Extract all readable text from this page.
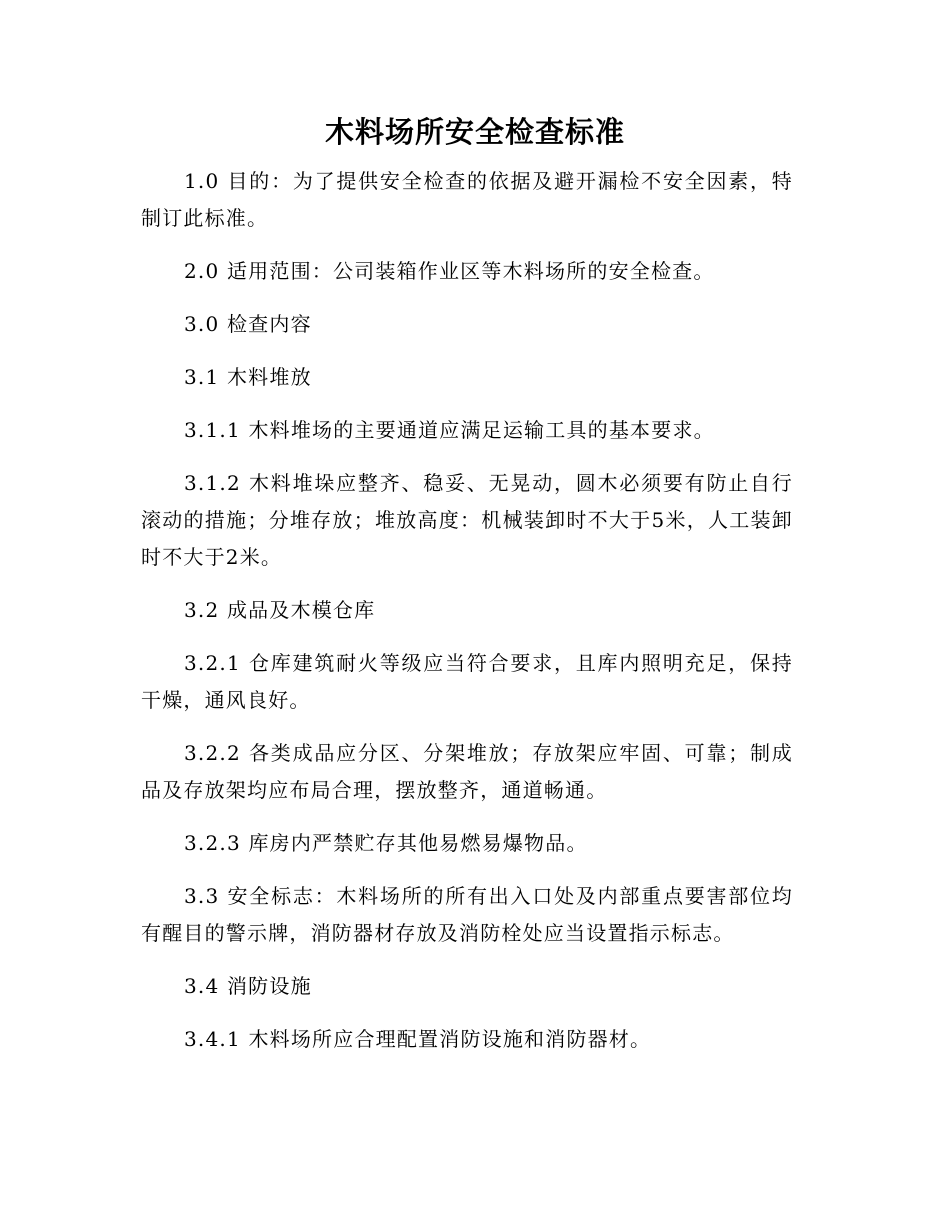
木料场所安全检查标准

1.0 目的：为了提供安全检查的依据及避开漏检不安全因素，特制订此标准。

2.0 适用范围：公司装箱作业区等木料场所的安全检查。

3.0 检查内容

3.1 木料堆放

3.1.1 木料堆场的主要通道应满足运输工具的基本要求。

3.1.2 木料堆垛应整齐、稳妥、无晃动，圆木必须要有防止自行滚动的措施；分堆存放；堆放高度：机械装卸时不大于5米，人工装卸时不大于2米。

3.2 成品及木模仓库

3.2.1 仓库建筑耐火等级应当符合要求，且库内照明充足，保持干燥，通风良好。

3.2.2 各类成品应分区、分架堆放；存放架应牢固、可靠；制成品及存放架均应布局合理，摆放整齐，通道畅通。

3.2.3 库房内严禁贮存其他易燃易爆物品。

3.3 安全标志：木料场所的所有出入口处及内部重点要害部位均有醒目的警示牌，消防器材存放及消防栓处应当设置指示标志。

3.4 消防设施

3.4.1 木料场所应合理配置消防设施和消防器材。
